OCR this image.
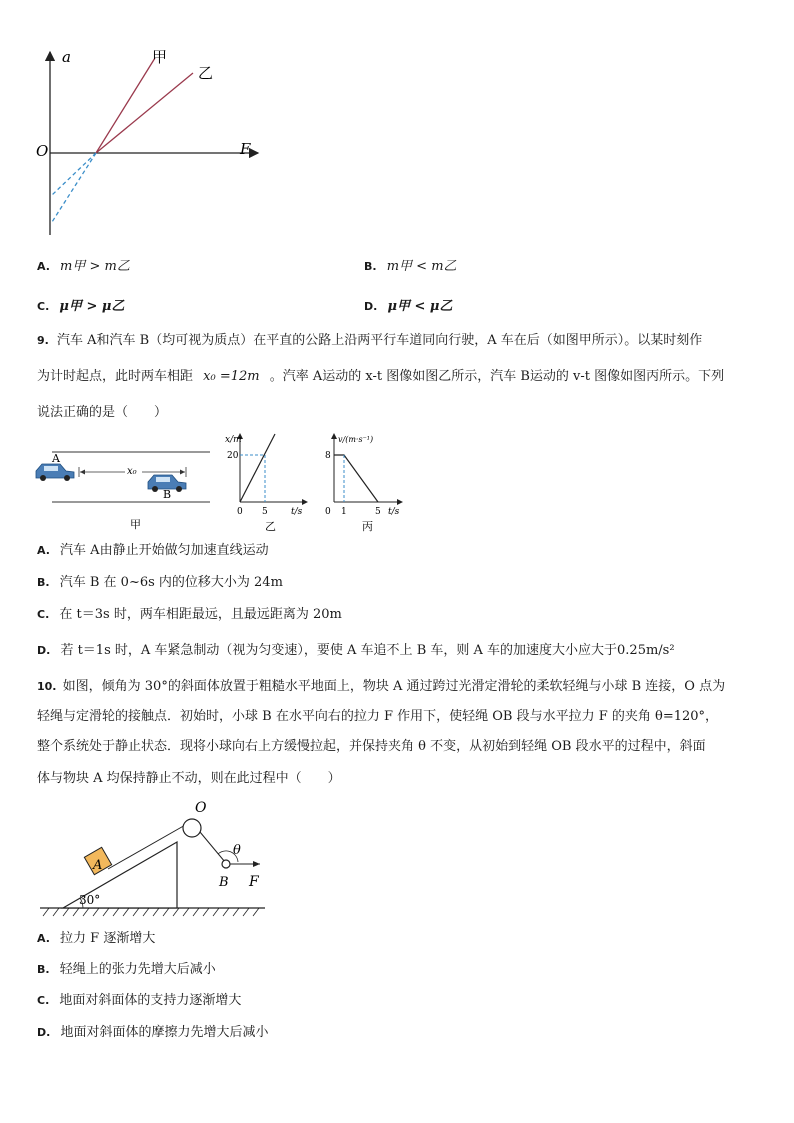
a
F
O
甲
乙
A. m甲 > m乙	B. m甲 < m乙
C. μ甲 > μ乙	D. μ甲 < μ乙
9. 汽车 A和汽车 B（均可视为质点）在平直的公路上沿两平行车道同向行驶，A 车在后（如图甲所示）。以某时刻作
为计时起点，此时两车相距 x₀ =12m 。汽率 A运动的 x-t 图像如图乙所示，汽车 B运动的 v-t 图像如图丙所示。下列
说法正确的是（　　）
A
x₀
B
甲
x/m
t/s
20
5
0
乙
v/(m·s⁻¹)
t/s
8
1	5
0
丙
A. 汽车 A由静止开始做匀加速直线运动
B. 汽车 B 在 0~6s 内的位移大小为 24m
C. 在 t＝3s 时，两车相距最远，且最远距离为 20m
D. 若 t＝1s 时，A 车紧急制动（视为匀变速），要使 A 车追不上 B 车，则 A 车的加速度大小应大于0.25m/s²
10. 如图，倾角为 30°的斜面体放置于粗糙水平地面上，物块 A 通过跨过光滑定滑轮的柔软轻绳与小球 B 连接，O 点为
轻绳与定滑轮的接触点．初始时，小球 B 在水平向右的拉力 F 作用下，使轻绳 OB 段与水平拉力 F 的夹角 θ=120°，
整个系统处于静止状态．现将小球向右上方缓慢拉起，并保持夹角 θ 不变，从初始到轻绳 OB 段水平的过程中，斜面
体与物块 A 均保持静止不动，则在此过程中（　　）
O
A
B F
θ
30°
A. 拉力 F 逐渐增大
B. 轻绳上的张力先增大后减小
C. 地面对斜面体的支持力逐渐增大
D. 地面对斜面体的摩擦力先增大后减小
